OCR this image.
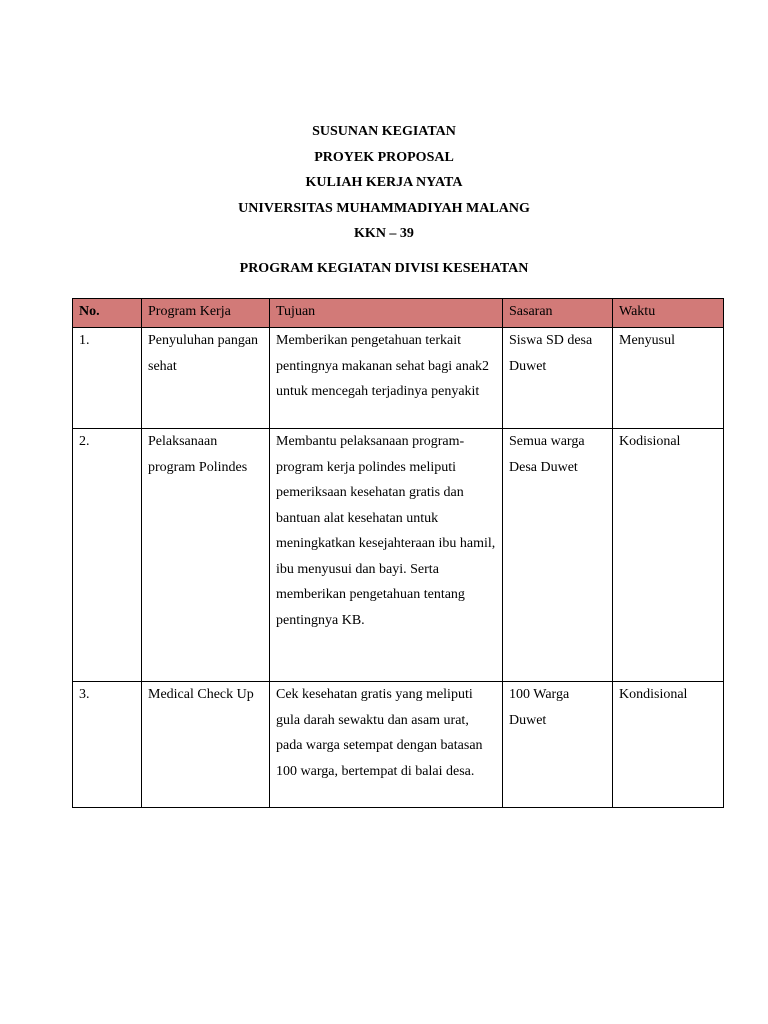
SUSUNAN KEGIATAN
PROYEK PROPOSAL
KULIAH KERJA NYATA
UNIVERSITAS MUHAMMADIYAH MALANG
KKN – 39
PROGRAM KEGIATAN DIVISI KESEHATAN
No.	Program Kerja	Tujuan	Sasaran	Waktu
1.	Penyuluhan pangan sehat	Memberikan pengetahuan terkait pentingnya makanan sehat bagi anak2 untuk mencegah terjadinya penyakit	Siswa SD desa Duwet	Menyusul
2.	Pelaksanaan program Polindes	Membantu pelaksanaan program-program kerja polindes meliputi pemeriksaan kesehatan gratis dan bantuan alat kesehatan untuk meningkatkan kesejahteraan ibu hamil, ibu menyusui dan bayi. Serta memberikan pengetahuan tentang pentingnya KB.	Semua warga Desa Duwet	Kodisional
3.	Medical Check Up	Cek kesehatan gratis yang meliputi gula darah sewaktu dan asam urat, pada warga setempat dengan batasan 100 warga, bertempat di balai desa.	100 Warga Duwet	Kondisional
